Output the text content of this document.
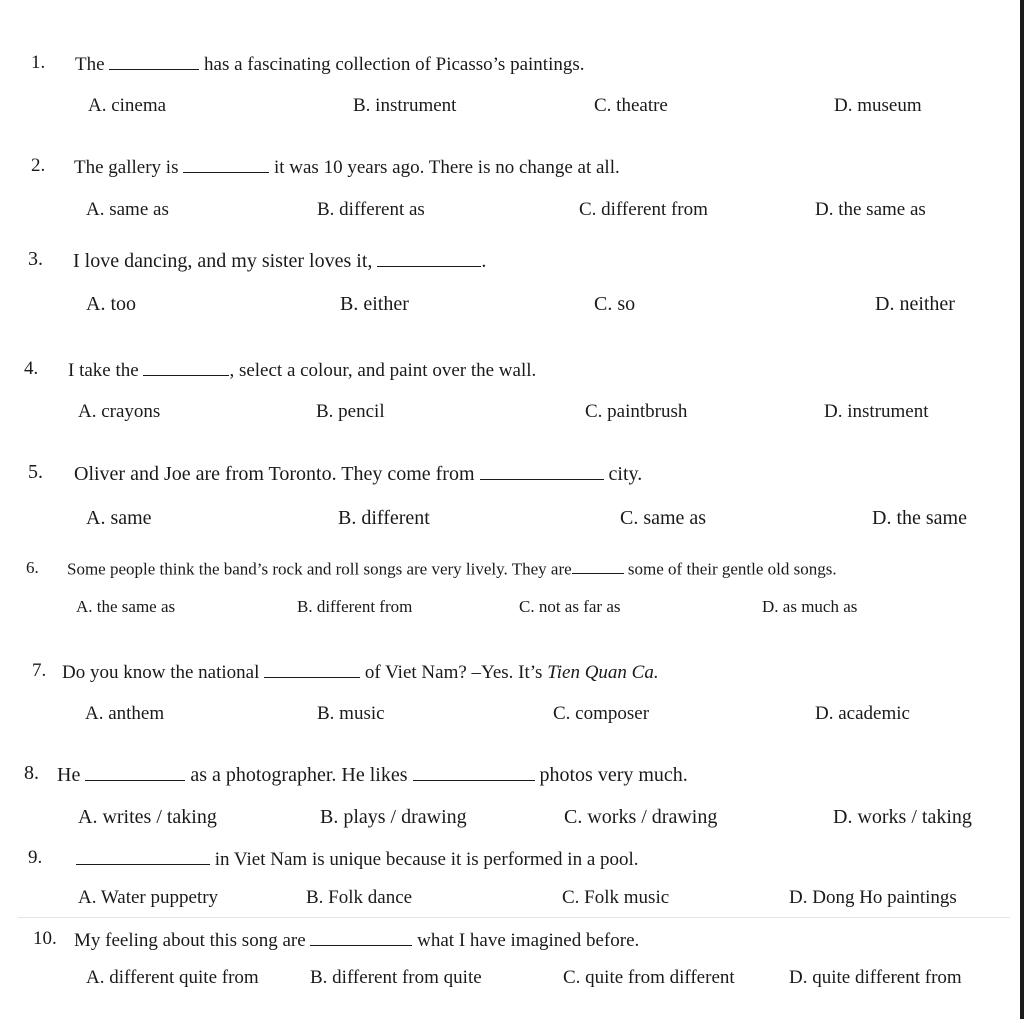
1. The	has a fascinating collection of Picasso’s paintings.
A. cinema	B. instrument	C. theatre	D. museum
2. The gallery is	it was 10 years ago. There is no change at all.
A. same as	B. different as	C. different from	D. the same as
3. I love dancing, and my sister loves it,	.
A. too	B. either	C. so	D. neither
4. I take the	, select a colour, and paint over the wall.
A. crayons	B. pencil	C. paintbrush	D. instrument
5. Oliver and Joe are from Toronto. They come from	city.
A. same	B. different	C. same as	D. the same
6. Some people think the band’s rock and roll songs are very lively. They are	some of their gentle old songs.
A. the same as	B. different from	C. not as far as	D. as much as
7. Do you know the national	of Viet Nam? –Yes. It’s Tien Quan Ca.
A. anthem	B. music	C. composer	D. academic
8. He	as a photographer. He likes	photos very much.
A. writes / taking	B. plays / drawing	C. works / drawing	D. works / taking
9.	in Viet Nam is unique because it is performed in a pool.
A. Water puppetry	B. Folk dance	C. Folk music	D. Dong Ho paintings
10. My feeling about this song are	what I have imagined before.
A. different quite from	B. different from quite	C. quite from different	D. quite different from
